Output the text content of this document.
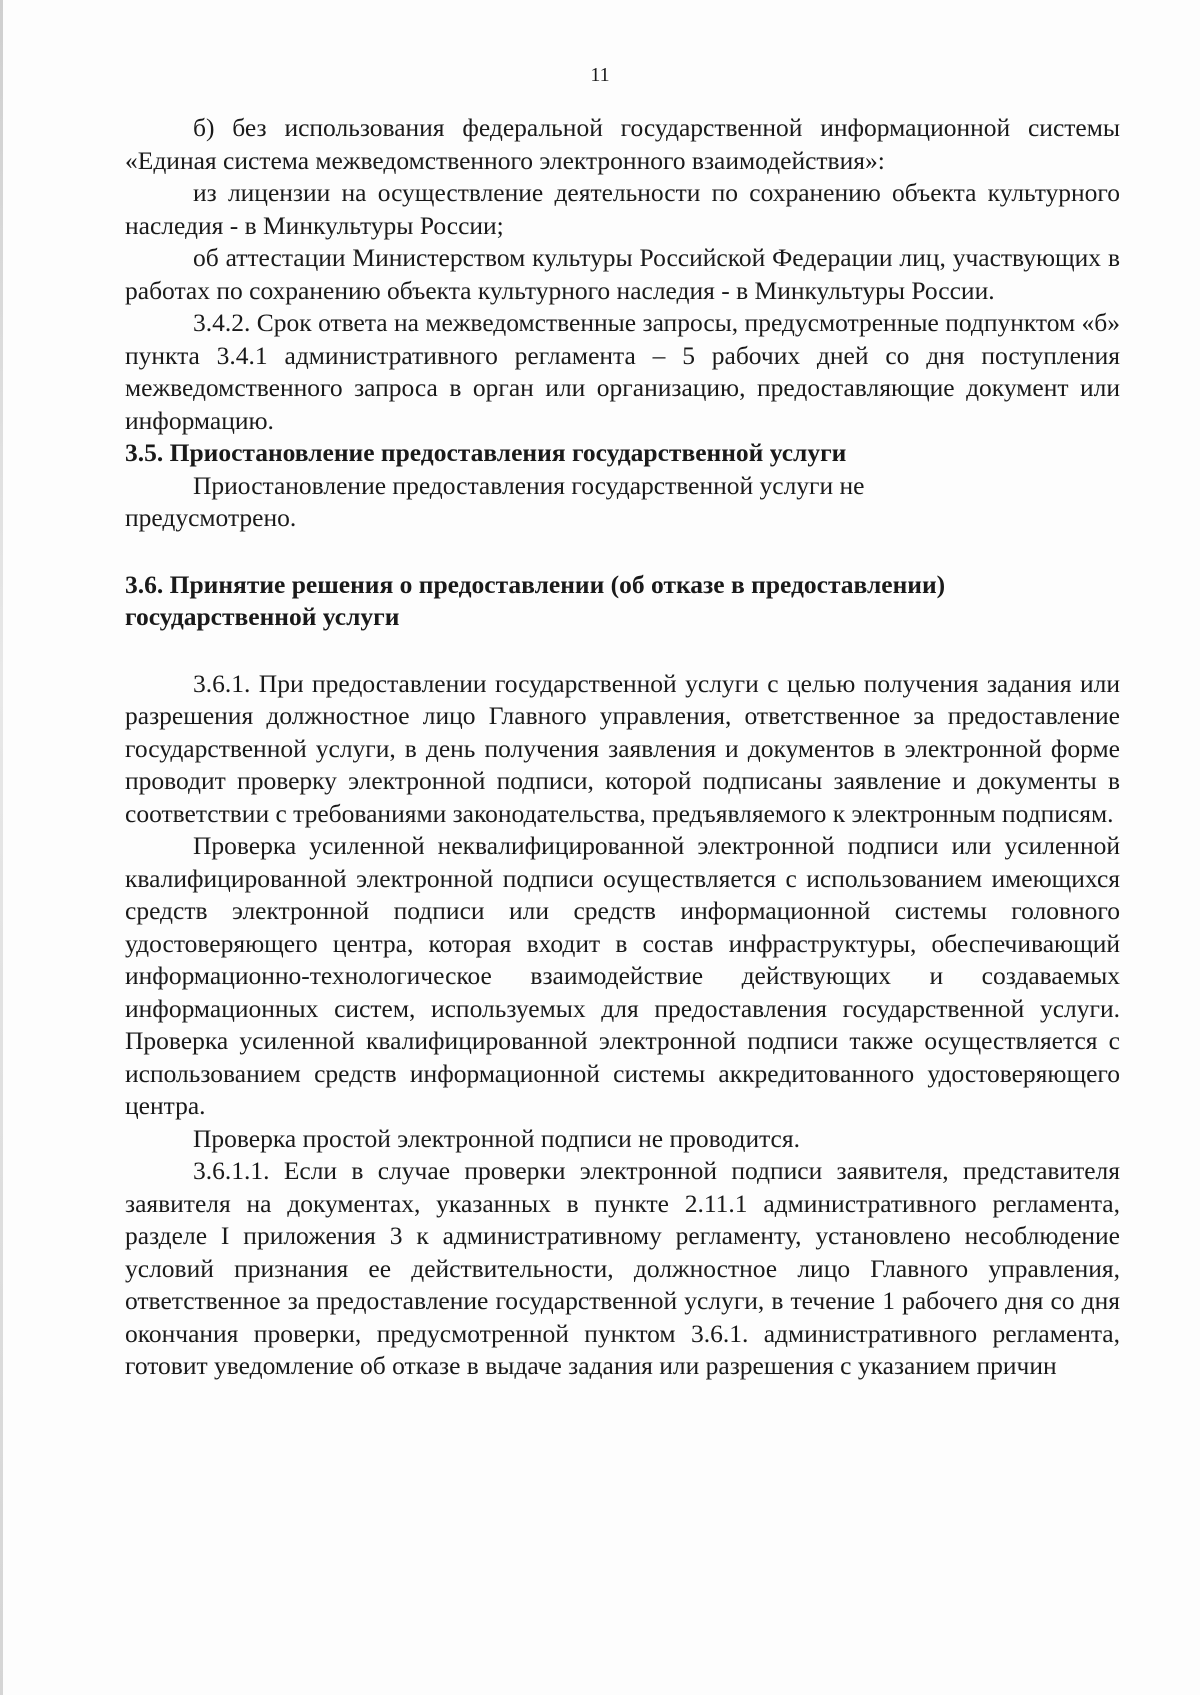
11

б) без использования федеральной государственной информационной системы «Единая система межведомственного электронного взаимодействия»:

из лицензии на осуществление деятельности по сохранению объекта культурного наследия - в Минкультуры России;

об аттестации Министерством культуры Российской Федерации лиц, участвующих в работах по сохранению объекта культурного наследия - в Минкультуры России.

3.4.2. Срок ответа на межведомственные запросы, предусмотренные подпунктом «б» пункта 3.4.1 административного регламента – 5 рабочих дней со дня поступления межведомственного запроса в орган или организацию, предоставляющие документ или информацию.

3.5. Приостановление предоставления государственной услуги

Приостановление предоставления государственной услуги не

предусмотрено.

3.6. Принятие решения о предоставлении (об отказе в предоставлении)

государственной услуги

3.6.1. При предоставлении государственной услуги с целью получения задания или разрешения должностное лицо Главного управления, ответственное за предоставление государственной услуги, в день получения заявления и документов в электронной форме проводит проверку электронной подписи, которой подписаны заявление и документы в соответствии с требованиями законодательства, предъявляемого к электронным подписям.

Проверка усиленной неквалифицированной электронной подписи или усиленной квалифицированной электронной подписи осуществляется с использованием имеющихся средств электронной подписи или средств информационной системы головного удостоверяющего центра, которая входит в состав инфраструктуры, обеспечивающий информационно-технологическое взаимодействие действующих и создаваемых информационных систем, используемых для предоставления государственной услуги. Проверка усиленной квалифицированной электронной подписи также осуществляется с использованием средств информационной системы аккредитованного удостоверяющего центра.

Проверка простой электронной подписи не проводится.

3.6.1.1. Если в случае проверки электронной подписи заявителя, представителя заявителя на документах, указанных в пункте 2.11.1 административного регламента, разделе I приложения 3 к административному регламенту, установлено несоблюдение условий признания ее действительности, должностное лицо Главного управления, ответственное за предоставление государственной услуги, в течение 1 рабочего дня со дня окончания проверки, предусмотренной пунктом 3.6.1. административного регламента, готовит уведомление об отказе в выдаче задания или разрешения с указанием причин
